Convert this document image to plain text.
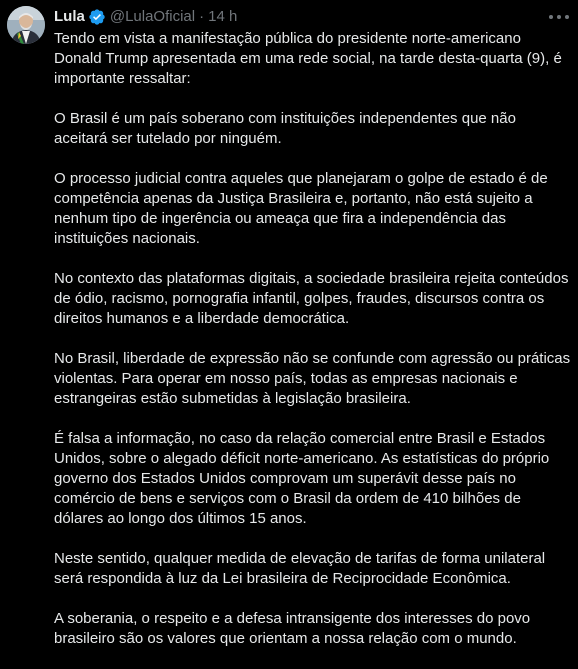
Lula @LulaOficial · 14 h

Tendo em vista a manifestação pública do presidente norte-americano Donald Trump apresentada em uma rede social, na tarde desta-quarta (9), é importante ressaltar:

O Brasil é um país soberano com instituições independentes que não aceitará ser tutelado por ninguém.

O processo judicial contra aqueles que planejaram o golpe de estado é de competência apenas da Justiça Brasileira e, portanto, não está sujeito a nenhum tipo de ingerência ou ameaça que fira a independência das instituições nacionais.

No contexto das plataformas digitais, a sociedade brasileira rejeita conteúdos de ódio, racismo, pornografia infantil, golpes, fraudes, discursos contra os direitos humanos e a liberdade democrática.

No Brasil, liberdade de expressão não se confunde com agressão ou práticas violentas. Para operar em nosso país, todas as empresas nacionais e estrangeiras estão submetidas à legislação brasileira.

É falsa a informação, no caso da relação comercial entre Brasil e Estados Unidos, sobre o alegado déficit norte-americano. As estatísticas do próprio governo dos Estados Unidos comprovam um superávit desse país no comércio de bens e serviços com o Brasil da ordem de 410 bilhões de dólares ao longo dos últimos 15 anos.

Neste sentido, qualquer medida de elevação de tarifas de forma unilateral será respondida à luz da Lei brasileira de Reciprocidade Econômica.

A soberania, o respeito e a defesa intransigente dos interesses do povo brasileiro são os valores que orientam a nossa relação com o mundo.
